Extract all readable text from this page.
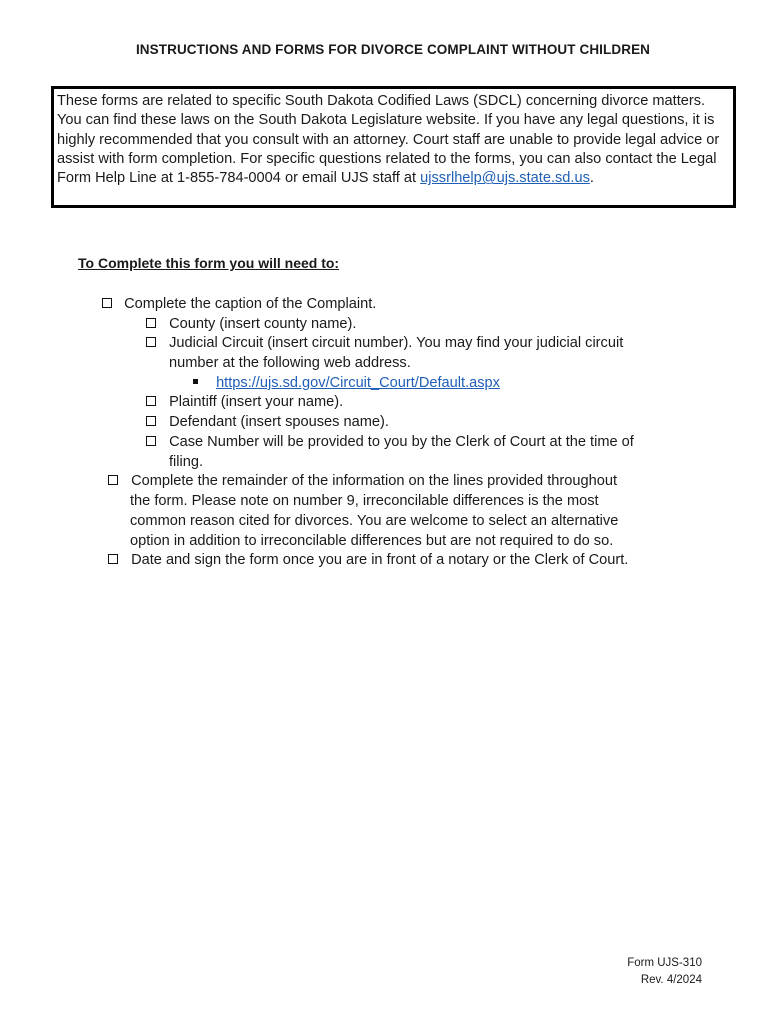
INSTRUCTIONS AND FORMS FOR DIVORCE COMPLAINT WITHOUT CHILDREN

These forms are related to specific South Dakota Codified Laws (SDCL) concerning divorce matters. You can find these laws on the South Dakota Legislature website. If you have any legal questions, it is highly recommended that you consult with an attorney. Court staff are unable to provide legal advice or assist with form completion. For specific questions related to the forms, you can also contact the Legal Form Help Line at 1-855-784-0004 or email UJS staff at ujssrlhelp@ujs.state.sd.us.

To Complete this form you will need to:
Complete the caption of the Complaint.
County (insert county name).
Judicial Circuit (insert circuit number). You may find your judicial circuit
number at the following web address.
https://ujs.sd.gov/Circuit_Court/Default.aspx
Plaintiff (insert your name).
Defendant (insert spouses name).
Case Number will be provided to you by the Clerk of Court at the time of
filing.
Complete the remainder of the information on the lines provided throughout
the form. Please note on number 9, irreconcilable differences is the most
common reason cited for divorces. You are welcome to select an alternative
option in addition to irreconcilable differences but are not required to do so.
Date and sign the form once you are in front of a notary or the Clerk of Court.
Form UJS-310
Rev. 4/2024
